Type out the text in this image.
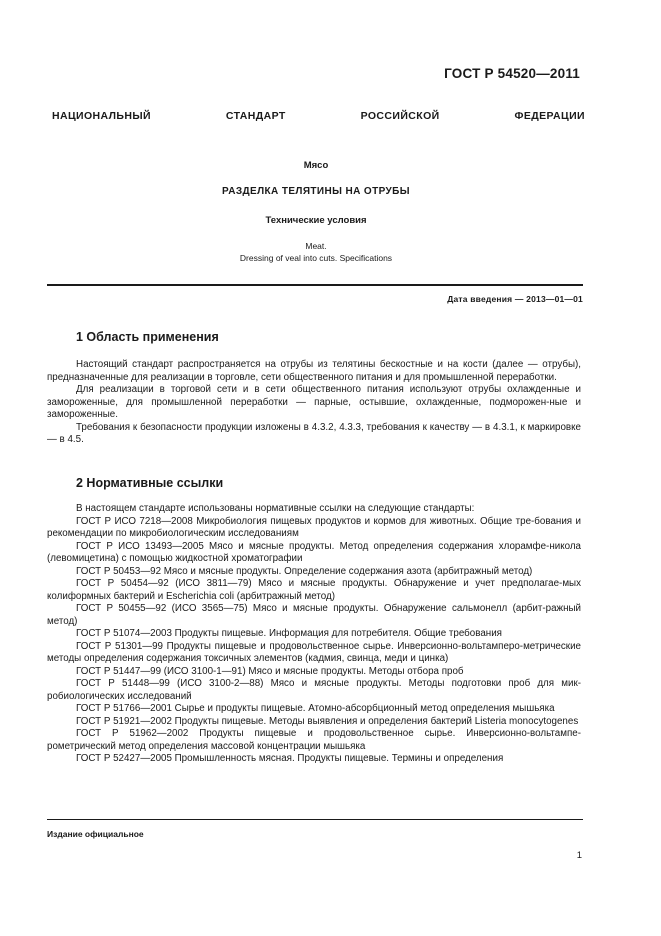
ГОСТ Р 54520—2011
НАЦИОНАЛЬНЫЙ СТАНДАРТ РОССИЙСКОЙ ФЕДЕРАЦИИ
Мясо
РАЗДЕЛКА ТЕЛЯТИНЫ НА ОТРУБЫ
Технические условия
Meat.
Dressing of veal into cuts. Specifications
Дата введения — 2013—01—01
1 Область применения

Настоящий стандарт распространяется на отрубы из телятины бескостные и на кости (далее — отрубы), предназначенные для реализации в торговле, сети общественного питания и для промышленной переработки.

Для реализации в торговой сети и в сети общественного питания используют отрубы охлажденные и замороженные, для промышленной переработки — парные, остывшие, охлажденные, подморожен-ные и замороженные.

Требования к безопасности продукции изложены в 4.3.2, 4.3.3, требования к качеству — в 4.3.1, к маркировке — в 4.5.

2 Нормативные ссылки

В настоящем стандарте использованы нормативные ссылки на следующие стандарты:

ГОСТ Р ИСО 7218—2008 Микробиология пищевых продуктов и кормов для животных. Общие тре-бования и рекомендации по микробиологическим исследованиям

ГОСТ Р ИСО 13493—2005 Мясо и мясные продукты. Метод определения содержания хлорамфе-никола (левомицетина) с помощью жидкостной хроматографии

ГОСТ Р 50453—92 Мясо и мясные продукты. Определение содержания азота (арбитражный метод)

ГОСТ Р 50454—92 (ИСО 3811—79) Мясо и мясные продукты. Обнаружение и учет предполагае-мых колиформных бактерий и Escherichia coli (арбитражный метод)

ГОСТ Р 50455—92 (ИСО 3565—75) Мясо и мясные продукты. Обнаружение сальмонелл (арбит-ражный метод)

ГОСТ Р 51074—2003 Продукты пищевые. Информация для потребителя. Общие требования

ГОСТ Р 51301—99 Продукты пищевые и продовольственное сырье. Инверсионно-вольтамперо-метрические методы определения содержания токсичных элементов (кадмия, свинца, меди и цинка)

ГОСТ Р 51447—99 (ИСО 3100-1—91) Мясо и мясные продукты. Методы отбора проб

ГОСТ Р 51448—99 (ИСО 3100-2—88) Мясо и мясные продукты. Методы подготовки проб для мик-робиологических исследований

ГОСТ Р 51766—2001 Сырье и продукты пищевые. Атомно-абсорбционный метод определения мышьяка

ГОСТ Р 51921—2002 Продукты пищевые. Методы выявления и определения бактерий Listeria monocytogenes

ГОСТ Р 51962—2002 Продукты пищевые и продовольственное сырье. Инверсионно-вольтампе-рометрический метод определения массовой концентрации мышьяка

ГОСТ Р 52427—2005 Промышленность мясная. Продукты пищевые. Термины и определения

Издание официальное
1
